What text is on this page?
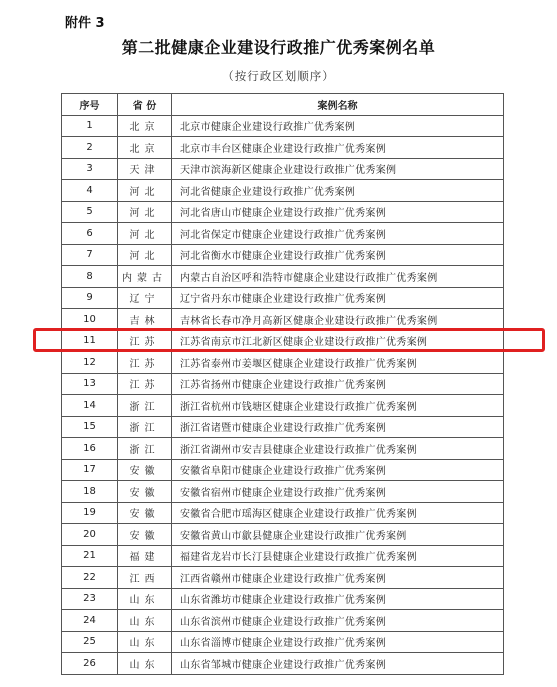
附件 3
第二批健康企业建设行政推广优秀案例名单
（按行政区划顺序）
序号	省 份	案例名称
1	北京	北京市健康企业建设行政推广优秀案例
2	北京	北京市丰台区健康企业建设行政推广优秀案例
3	天津	天津市滨海新区健康企业建设行政推广优秀案例
4	河北	河北省健康企业建设行政推广优秀案例
5	河北	河北省唐山市健康企业建设行政推广优秀案例
6	河北	河北省保定市健康企业建设行政推广优秀案例
7	河北	河北省衡水市健康企业建设行政推广优秀案例
8	内蒙古	内蒙古自治区呼和浩特市健康企业建设行政推广优秀案例
9	辽宁	辽宁省丹东市健康企业建设行政推广优秀案例
10	吉林	吉林省长春市净月高新区健康企业建设行政推广优秀案例
11	江苏	江苏省南京市江北新区健康企业建设行政推广优秀案例
12	江苏	江苏省泰州市姜堰区健康企业建设行政推广优秀案例
13	江苏	江苏省扬州市健康企业建设行政推广优秀案例
14	浙江	浙江省杭州市钱塘区健康企业建设行政推广优秀案例
15	浙江	浙江省诸暨市健康企业建设行政推广优秀案例
16	浙江	浙江省湖州市安吉县健康企业建设行政推广优秀案例
17	安徽	安徽省阜阳市健康企业建设行政推广优秀案例
18	安徽	安徽省宿州市健康企业建设行政推广优秀案例
19	安徽	安徽省合肥市瑶海区健康企业建设行政推广优秀案例
20	安徽	安徽省黄山市歙县健康企业建设行政推广优秀案例
21	福建	福建省龙岩市长汀县健康企业建设行政推广优秀案例
22	江西	江西省赣州市健康企业建设行政推广优秀案例
23	山东	山东省潍坊市健康企业建设行政推广优秀案例
24	山东	山东省滨州市健康企业建设行政推广优秀案例
25	山东	山东省淄博市健康企业建设行政推广优秀案例
26	山东	山东省邹城市健康企业建设行政推广优秀案例
